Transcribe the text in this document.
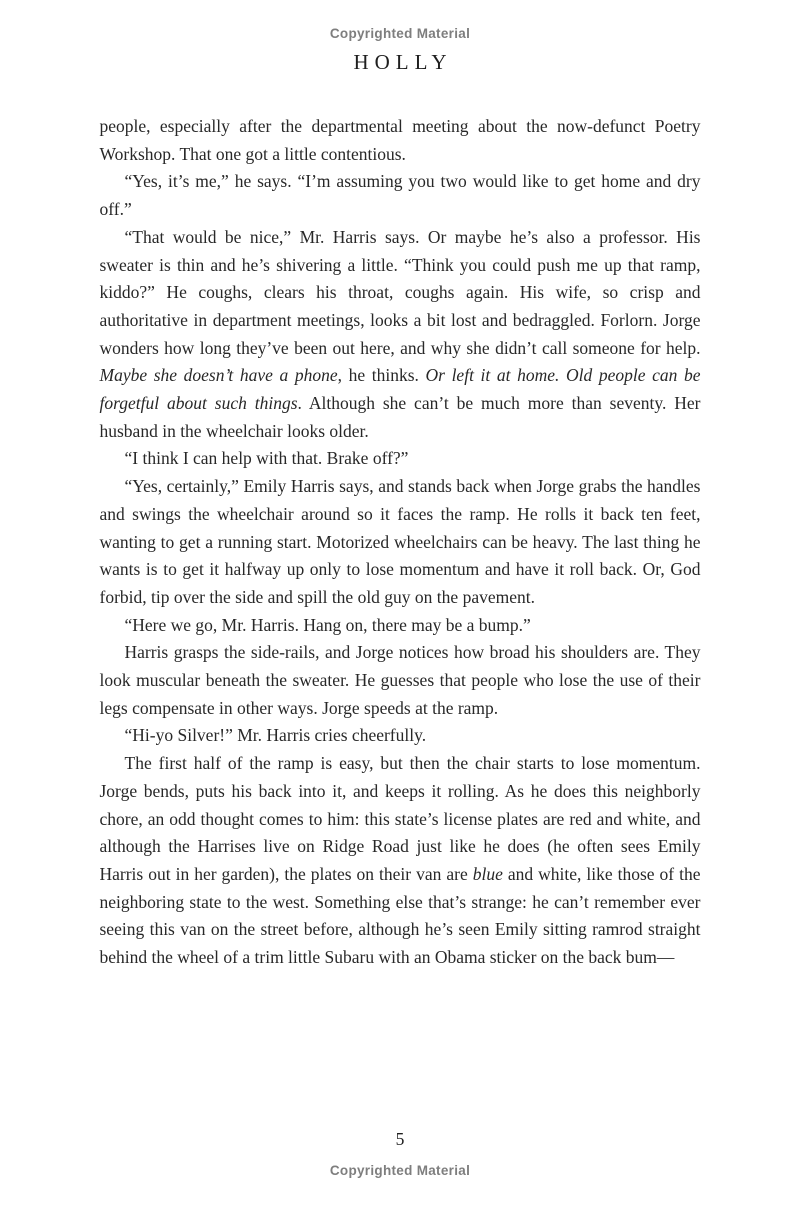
Copyrighted Material
HOLLY

people, especially after the departmental meeting about the now-defunct Poetry Workshop. That one got a little contentious.

“Yes, it’s me,” he says. “I’m assuming you two would like to get home and dry off.”

“That would be nice,” Mr. Harris says. Or maybe he’s also a professor. His sweater is thin and he’s shivering a little. “Think you could push me up that ramp, kiddo?” He coughs, clears his throat, coughs again. His wife, so crisp and authoritative in department meetings, looks a bit lost and bedraggled. Forlorn. Jorge wonders how long they’ve been out here, and why she didn’t call someone for help. Maybe she doesn’t have a phone, he thinks. Or left it at home. Old people can be forgetful about such things. Although she can’t be much more than seventy. Her husband in the wheelchair looks older.

“I think I can help with that. Brake off?”

“Yes, certainly,” Emily Harris says, and stands back when Jorge grabs the handles and swings the wheelchair around so it faces the ramp. He rolls it back ten feet, wanting to get a running start. Motorized wheelchairs can be heavy. The last thing he wants is to get it halfway up only to lose momentum and have it roll back. Or, God forbid, tip over the side and spill the old guy on the pavement.

“Here we go, Mr. Harris. Hang on, there may be a bump.”

Harris grasps the side-rails, and Jorge notices how broad his shoulders are. They look muscular beneath the sweater. He guesses that people who lose the use of their legs compensate in other ways. Jorge speeds at the ramp.

“Hi-yo Silver!” Mr. Harris cries cheerfully.

The first half of the ramp is easy, but then the chair starts to lose momentum. Jorge bends, puts his back into it, and keeps it rolling. As he does this neighborly chore, an odd thought comes to him: this state’s license plates are red and white, and although the Harrises live on Ridge Road just like he does (he often sees Emily Harris out in her garden), the plates on their van are blue and white, like those of the neighboring state to the west. Something else that’s strange: he can’t remember ever seeing this van on the street before, although he’s seen Emily sitting ramrod straight behind the wheel of a trim little Subaru with an Obama sticker on the back bum—

5
Copyrighted Material
